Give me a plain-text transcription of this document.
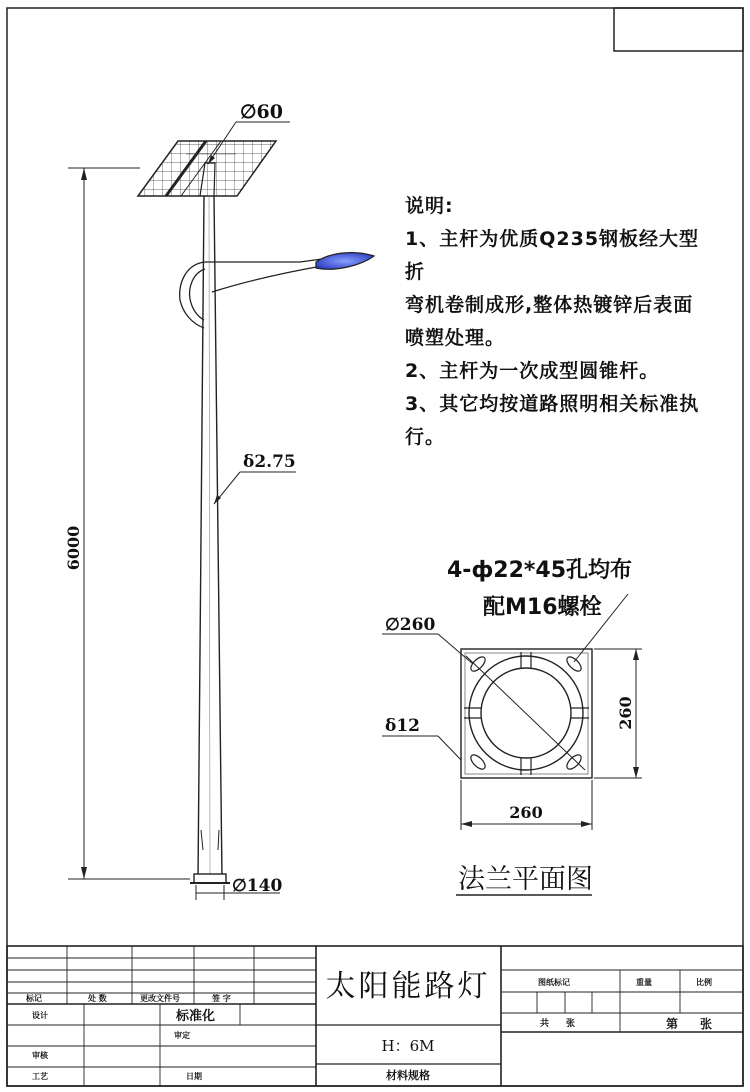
∅60
6000
δ2.75
∅140
4-ф22*45孔均布
配M16螺栓
∅260
δ12	260
260
法兰平面图
标记	处 数	更改文件号	签 字
设计	标准化
审定
审核
工艺	日期
太阳能路灯
H：6M
材料规格
图纸标记	重量	比例
共 张	第 张
说明:
1、主杆为优质Q235钢板经大型折
弯机卷制成形,整体热镀锌后表面
喷塑处理。
2、主杆为一次成型圆锥杆。
3、其它均按道路照明相关标准执
行。
